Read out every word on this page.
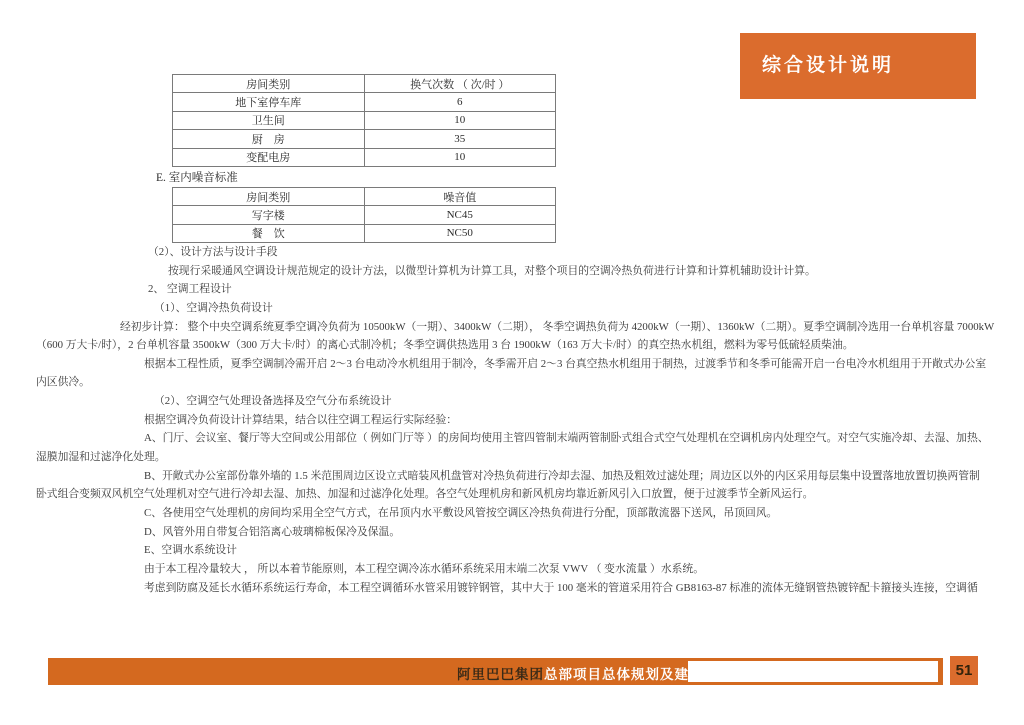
综合设计说明
房间类别	换气次数 （ 次/时 ）
地下室停车库	6
卫生间	10
厨　房	35
变配电房	10
E. 室内噪音标准
房间类别	噪音值
写字楼	NC45
餐　饮	NC50
（2）、设计方法与设计手段
按现行采暖通风空调设计规范规定的设计方法，以微型计算机为计算工具，对整个项目的空调冷热负荷进行计算和计算机辅助设计计算。
2、 空调工程设计
（1）、空调冷热负荷设计
经初步计算： 整个中央空调系统夏季空调冷负荷为 10500kW（一期）、3400kW（二期）， 冬季空调热负荷为 4200kW（一期）、1360kW（二期）。夏季空调制冷选用一台单机容量 7000kW
（600 万大卡/时），2 台单机容量 3500kW（300 万大卡/时）的离心式制冷机；冬季空调供热选用 3 台 1900kW（163 万大卡/时）的真空热水机组，燃料为零号低硫轻质柴油。
根据本工程性质，夏季空调制冷需开启 2～3 台电动冷水机组用于制冷，冬季需开启 2～3 台真空热水机组用于制热，过渡季节和冬季可能需开启一台电冷水机组用于开敞式办公室
内区供冷。
（2）、空调空气处理设备选择及空气分布系统设计
根据空调冷负荷设计计算结果，结合以往空调工程运行实际经验：
A、门厅、会议室、餐厅等大空间或公用部位（ 例如门厅等 ）的房间均使用主管四管制末端两管制卧式组合式空气处理机在空调机房内处理空气。对空气实施冷却、去湿、加热、
湿膜加湿和过滤净化处理。
B、开敞式办公室部份靠外墙的 1.5 米范围周边区设立式暗装风机盘管对冷热负荷进行冷却去湿、加热及粗效过滤处理；周边区以外的内区采用每层集中设置落地放置切换两管制
卧式组合变频双风机空气处理机对空气进行冷却去湿、加热、加湿和过滤净化处理。各空气处理机房和新风机房均靠近新风引入口放置，便于过渡季节全新风运行。
C、各使用空气处理机的房间均采用全空气方式，在吊顶内水平敷设风管按空调区冷热负荷进行分配，顶部散流器下送风，吊顶回风。
D、风管外用自带复合铝箔离心玻璃棉板保冷及保温。
E、空调水系统设计
由于本工程冷量较大 ， 所以本着节能原则，本工程空调冷冻水循环系统采用末端二次泵 VWV （ 变水流量 ）水系统。
考虑到防腐及延长水循环系统运行寿命，本工程空调循环水管采用镀锌钢管，其中大于 100 毫米的管道采用符合 GB8163-87 标准的流体无缝钢管热镀锌配卡箍接头连接，空调循
阿里巴巴集团总部项目总体规划及建筑方案设计	51
